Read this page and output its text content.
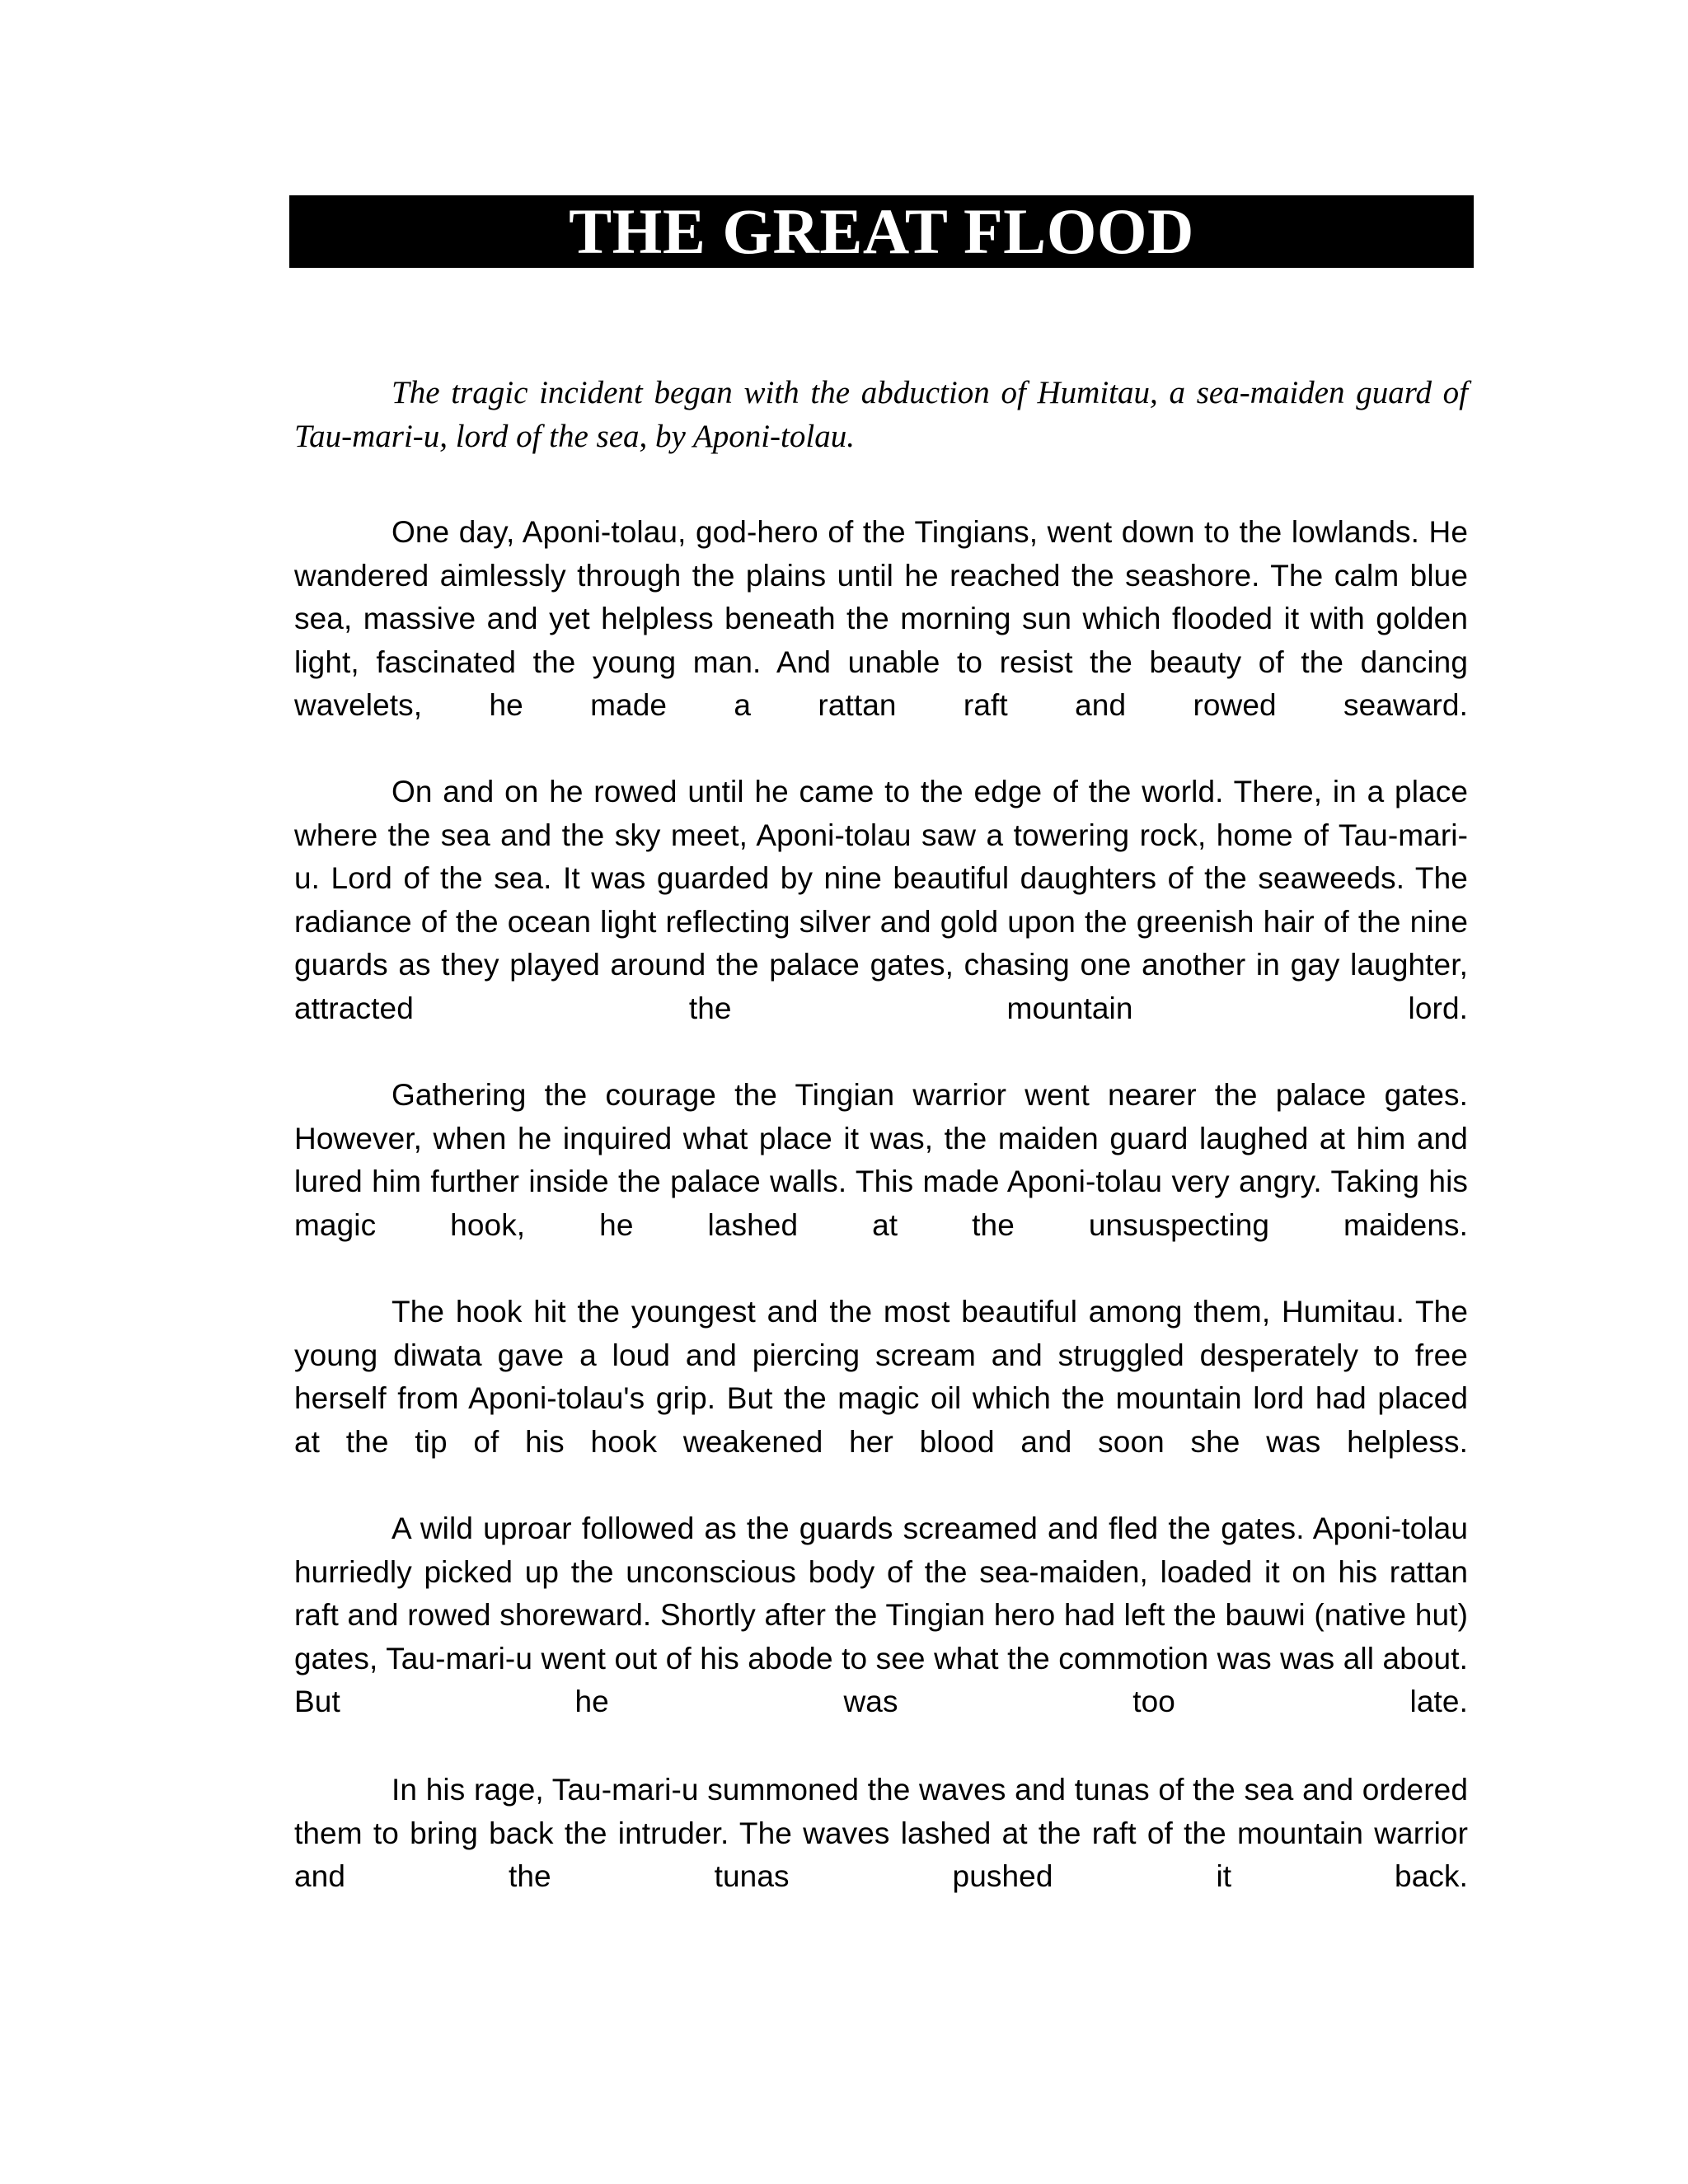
THE GREAT FLOOD

The tragic incident began with the abduction of Humitau, a sea-maiden guard of Tau-mari-u, lord of the sea, by Aponi-tolau.

One day, Aponi-tolau, god-hero of the Tingians, went down to the lowlands. He wandered aimlessly through the plains until he reached the seashore. The calm blue sea, massive and yet helpless beneath the morning sun which flooded it with golden light, fascinated the young man. And unable to resist the beauty of the dancing wavelets, he made a rattan raft and rowed seaward.

On and on he rowed until he came to the edge of the world. There, in a place where the sea and the sky meet, Aponi-tolau saw a towering rock, home of Tau-mari-u. Lord of the sea. It was guarded by nine beautiful daughters of the seaweeds. The radiance of the ocean light reflecting silver and gold upon the greenish hair of the nine guards as they played around the palace gates, chasing one another in gay laughter, attracted the mountain lord.

Gathering the courage the Tingian warrior went nearer the palace gates. However, when he inquired what place it was, the maiden guard laughed at him and lured him further inside the palace walls. This made Aponi-tolau very angry. Taking his magic hook, he lashed at the unsuspecting maidens.

The hook hit the youngest and the most beautiful among them, Humitau. The young diwata gave a loud and piercing scream and struggled desperately to free herself from Aponi-tolau's grip. But the magic oil which the mountain lord had placed at the tip of his hook weakened her blood and soon she was helpless.

A wild uproar followed as the guards screamed and fled the gates. Aponi-tolau hurriedly picked up the unconscious body of the sea-maiden, loaded it on his rattan raft and rowed shoreward. Shortly after the Tingian hero had left the bauwi (native hut) gates, Tau-mari-u went out of his abode to see what the commotion was was all about. But he was too late.

In his rage, Tau-mari-u summoned the waves and tunas of the sea and ordered them to bring back the intruder. The waves lashed at the raft of the mountain warrior and the tunas pushed it back.
